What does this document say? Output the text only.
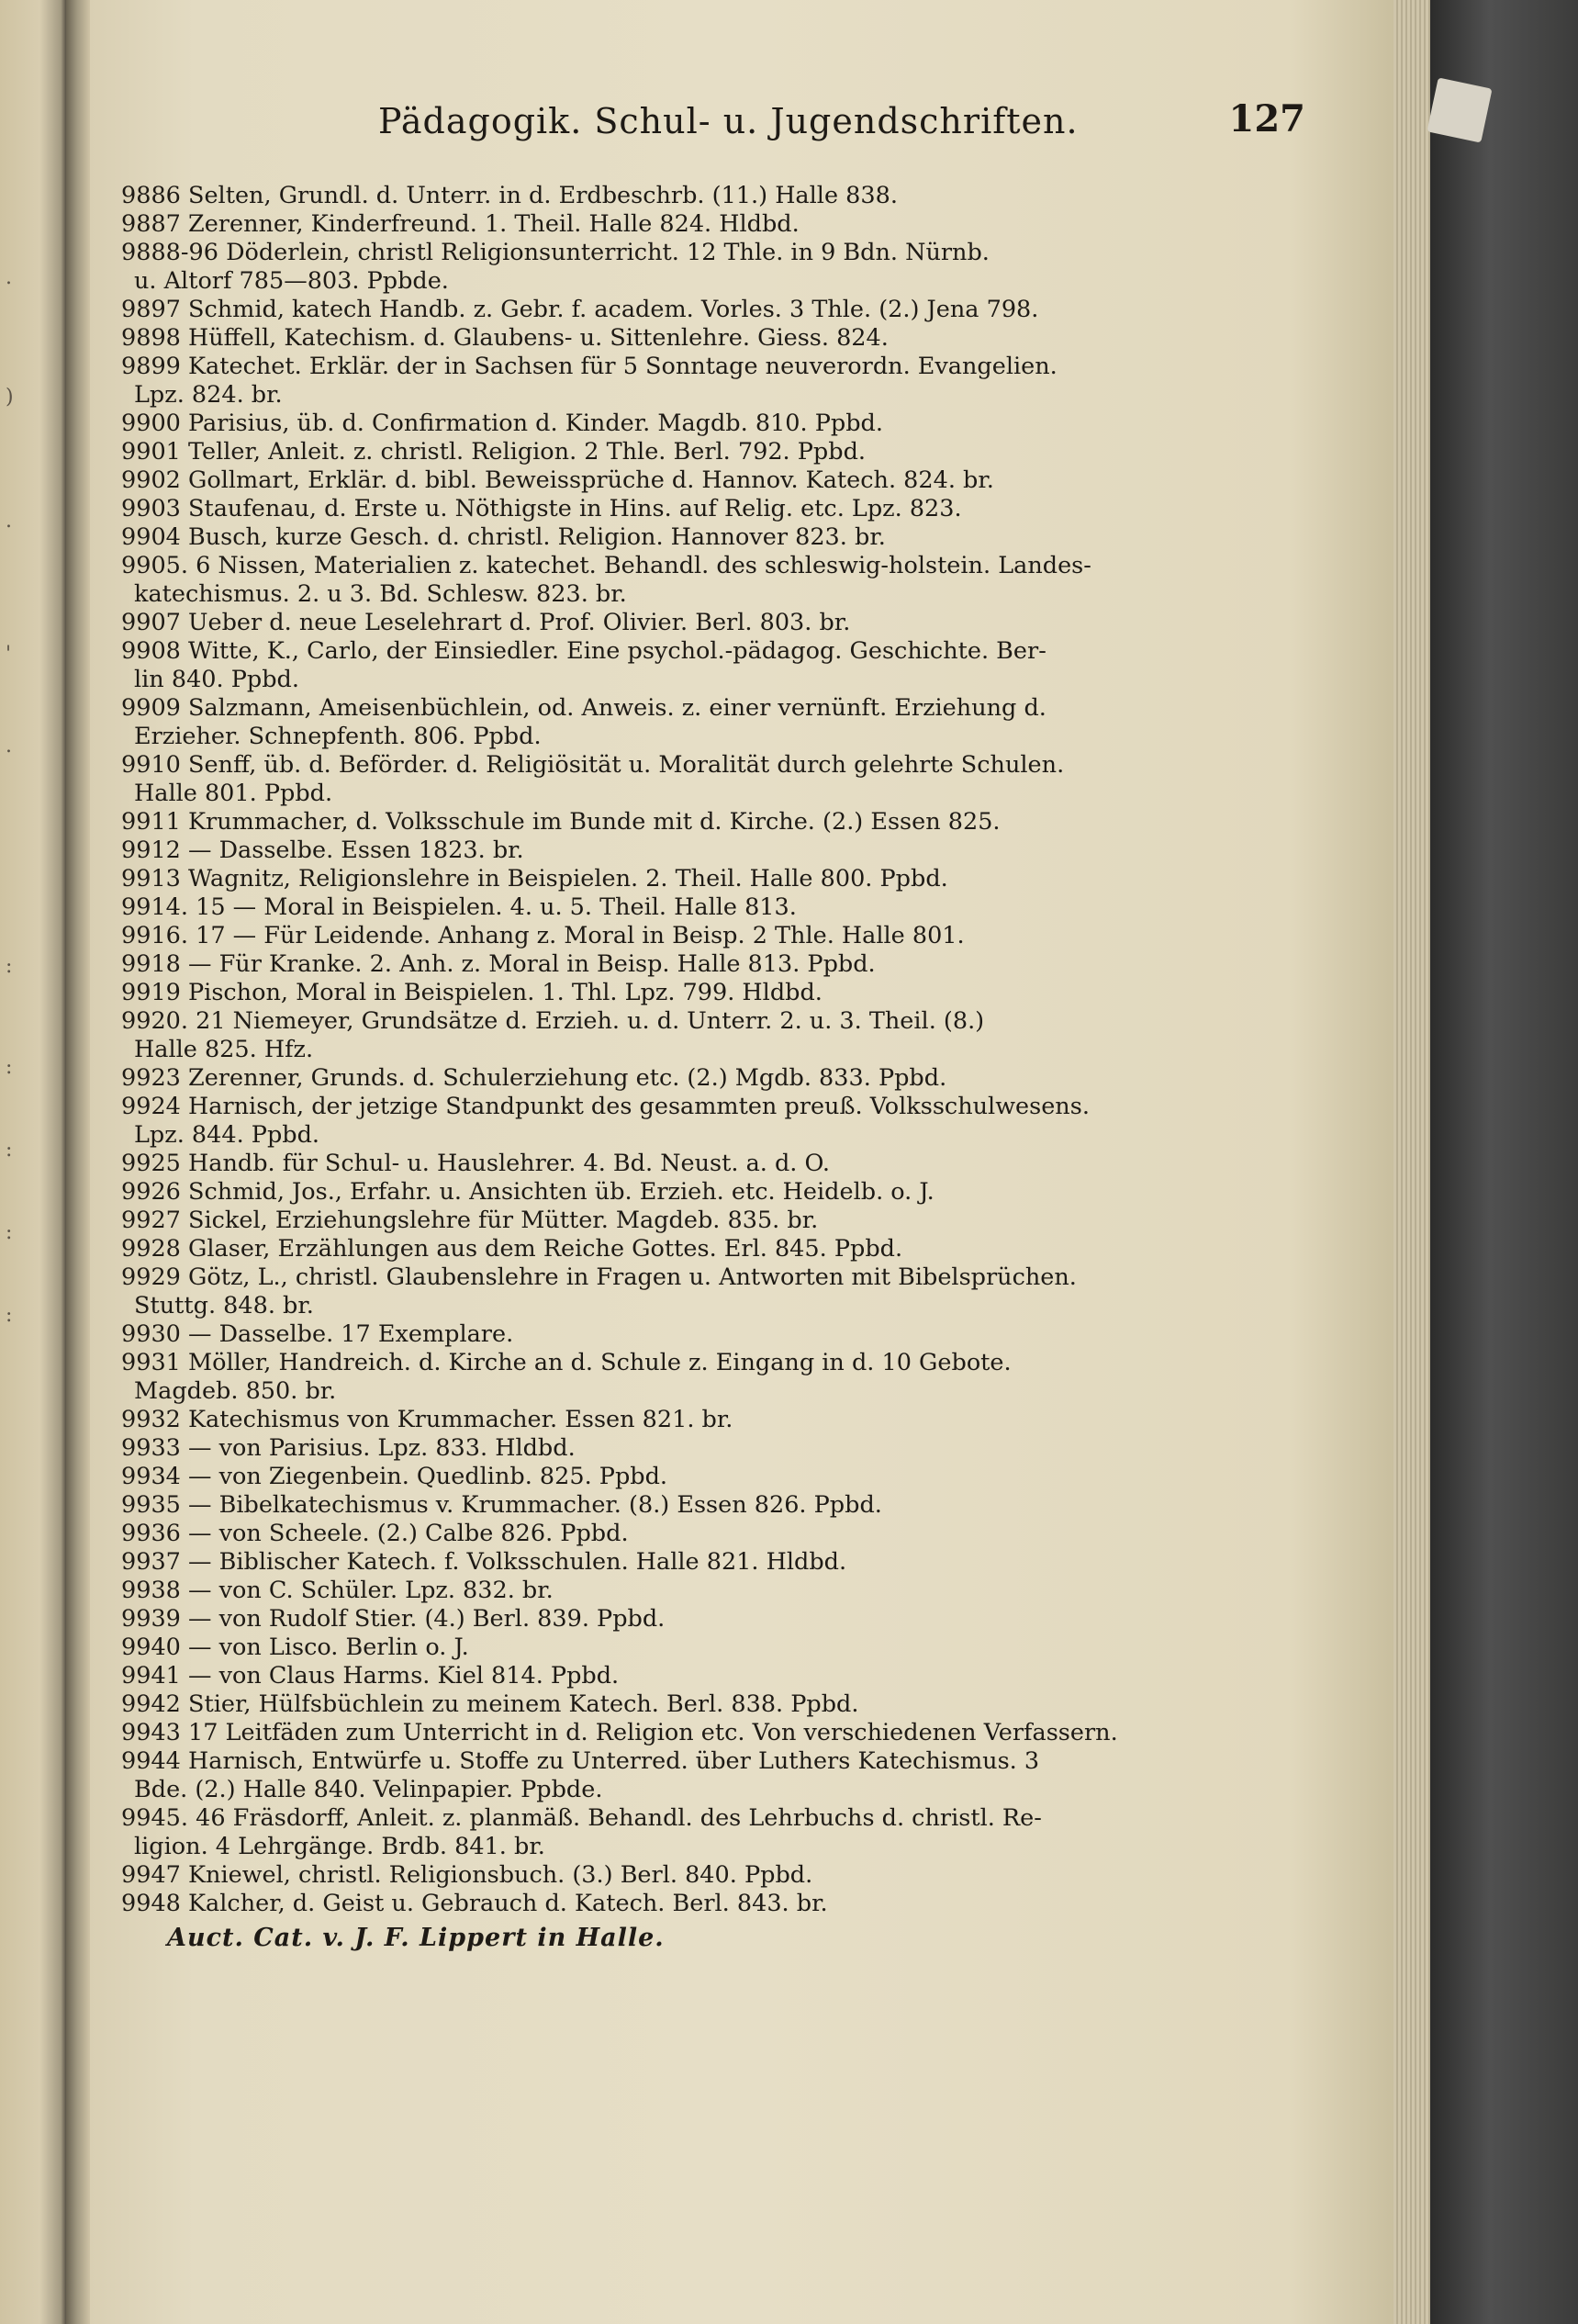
.
)
.
'
.
:
:
:
:
:
Pädagogik. Schul- u. Jugendschriften.	127
9886 Selten, Grundl. d. Unterr. in d. Erdbeschrb. (11.) Halle 838.
9887 Zerenner, Kinderfreund. 1. Theil. Halle 824. Hldbd.
9888-96 Döderlein, christl Religionsunterricht. 12 Thle. in 9 Bdn. Nürnb.
u. Altorf 785—803. Ppbde.
9897 Schmid, katech Handb. z. Gebr. f. academ. Vorles. 3 Thle. (2.) Jena 798.
9898 Hüffell, Katechism. d. Glaubens- u. Sittenlehre. Giess. 824.
9899 Katechet. Erklär. der in Sachsen für 5 Sonntage neuverordn. Evangelien.
Lpz. 824. br.
9900 Parisius, üb. d. Confirmation d. Kinder. Magdb. 810. Ppbd.
9901 Teller, Anleit. z. christl. Religion. 2 Thle. Berl. 792. Ppbd.
9902 Gollmart, Erklär. d. bibl. Beweissprüche d. Hannov. Katech. 824. br.
9903 Staufenau, d. Erste u. Nöthigste in Hins. auf Relig. etc. Lpz. 823.
9904 Busch, kurze Gesch. d. christl. Religion. Hannover 823. br.
9905. 6 Nissen, Materialien z. katechet. Behandl. des schleswig-holstein. Landes-
katechismus. 2. u 3. Bd. Schlesw. 823. br.
9907 Ueber d. neue Leselehrart d. Prof. Olivier. Berl. 803. br.
9908 Witte, K., Carlo, der Einsiedler. Eine psychol.-pädagog. Geschichte. Ber-
lin 840. Ppbd.
9909 Salzmann, Ameisenbüchlein, od. Anweis. z. einer vernünft. Erziehung d.
Erzieher. Schnepfenth. 806. Ppbd.
9910 Senff, üb. d. Beförder. d. Religiösität u. Moralität durch gelehrte Schulen.
Halle 801. Ppbd.
9911 Krummacher, d. Volksschule im Bunde mit d. Kirche. (2.) Essen 825.
9912 — Dasselbe. Essen 1823. br.
9913 Wagnitz, Religionslehre in Beispielen. 2. Theil. Halle 800. Ppbd.
9914. 15 — Moral in Beispielen. 4. u. 5. Theil. Halle 813.
9916. 17 — Für Leidende. Anhang z. Moral in Beisp. 2 Thle. Halle 801.
9918 — Für Kranke. 2. Anh. z. Moral in Beisp. Halle 813. Ppbd.
9919 Pischon, Moral in Beispielen. 1. Thl. Lpz. 799. Hldbd.
9920. 21 Niemeyer, Grundsätze d. Erzieh. u. d. Unterr. 2. u. 3. Theil. (8.)
Halle 825. Hfz.
9923 Zerenner, Grunds. d. Schulerziehung etc. (2.) Mgdb. 833. Ppbd.
9924 Harnisch, der jetzige Standpunkt des gesammten preuß. Volksschulwesens.
Lpz. 844. Ppbd.
9925 Handb. für Schul- u. Hauslehrer. 4. Bd. Neust. a. d. O.
9926 Schmid, Jos., Erfahr. u. Ansichten üb. Erzieh. etc. Heidelb. o. J.
9927 Sickel, Erziehungslehre für Mütter. Magdeb. 835. br.
9928 Glaser, Erzählungen aus dem Reiche Gottes. Erl. 845. Ppbd.
9929 Götz, L., christl. Glaubenslehre in Fragen u. Antworten mit Bibelsprüchen.
Stuttg. 848. br.
9930 — Dasselbe. 17 Exemplare.
9931 Möller, Handreich. d. Kirche an d. Schule z. Eingang in d. 10 Gebote.
Magdeb. 850. br.
9932 Katechismus von Krummacher. Essen 821. br.
9933 — von Parisius. Lpz. 833. Hldbd.
9934 — von Ziegenbein. Quedlinb. 825. Ppbd.
9935 — Bibelkatechismus v. Krummacher. (8.) Essen 826. Ppbd.
9936 — von Scheele. (2.) Calbe 826. Ppbd.
9937 — Biblischer Katech. f. Volksschulen. Halle 821. Hldbd.
9938 — von C. Schüler. Lpz. 832. br.
9939 — von Rudolf Stier. (4.) Berl. 839. Ppbd.
9940 — von Lisco. Berlin o. J.
9941 — von Claus Harms. Kiel 814. Ppbd.
9942 Stier, Hülfsbüchlein zu meinem Katech. Berl. 838. Ppbd.
9943 17 Leitfäden zum Unterricht in d. Religion etc. Von verschiedenen Verfassern.
9944 Harnisch, Entwürfe u. Stoffe zu Unterred. über Luthers Katechismus. 3
Bde. (2.) Halle 840. Velinpapier. Ppbde.
9945. 46 Fräsdorff, Anleit. z. planmäß. Behandl. des Lehrbuchs d. christl. Re-
ligion. 4 Lehrgänge. Brdb. 841. br.
9947 Kniewel, christl. Religionsbuch. (3.) Berl. 840. Ppbd.
9948 Kalcher, d. Geist u. Gebrauch d. Katech. Berl. 843. br.
Auct. Cat. v. J. F. Lippert in Halle.
